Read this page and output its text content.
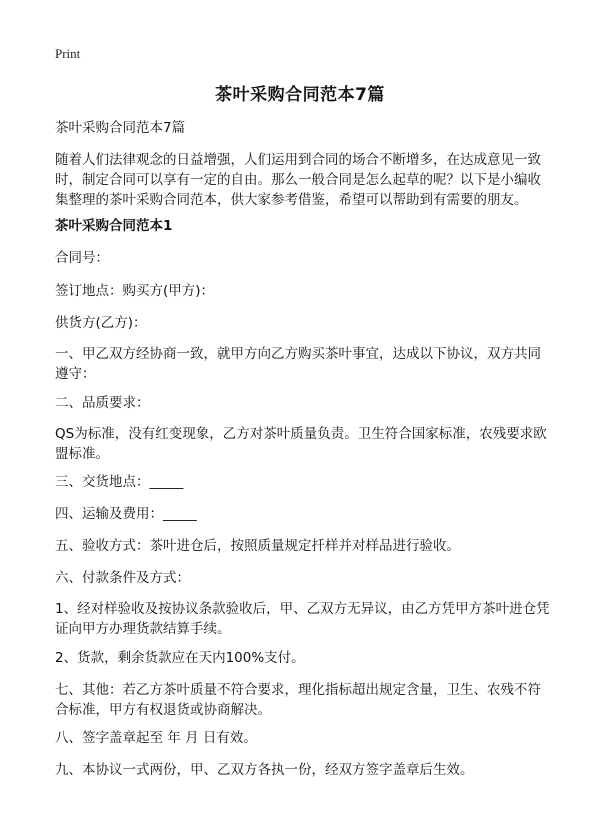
Print
茶叶采购合同范本7篇

茶叶采购合同范本7篇

随着人们法律观念的日益增强，人们运用到合同的场合不断增多，在达成意见一致时，制定合同可以享有一定的自由。那么一般合同是怎么起草的呢？以下是小编收集整理的茶叶采购合同范本，供大家参考借鉴，希望可以帮助到有需要的朋友。

茶叶采购合同范本1

合同号：

签订地点：购买方(甲方)：

供货方(乙方)：

一、甲乙双方经协商一致，就甲方向乙方购买茶叶事宜，达成以下协议，双方共同遵守：

二、品质要求：

QS为标准，没有红变现象，乙方对茶叶质量负责。卫生符合国家标准，农残要求欧盟标准。

三、交货地点：_____

四、运输及费用：_____

五、验收方式：茶叶进仓后，按照质量规定扦样并对样品进行验收。

六、付款条件及方式：

1、经对样验收及按协议条款验收后，甲、乙双方无异议，由乙方凭甲方茶叶进仓凭证向甲方办理货款结算手续。

2、货款，剩余货款应在天内100%支付。

七、其他：若乙方茶叶质量不符合要求，理化指标超出规定含量，卫生、农残不符合标准，甲方有权退货或协商解决。

八、签字盖章起至 年 月 日有效。

九、本协议一式两份，甲、乙双方各执一份，经双方签字盖章后生效。
